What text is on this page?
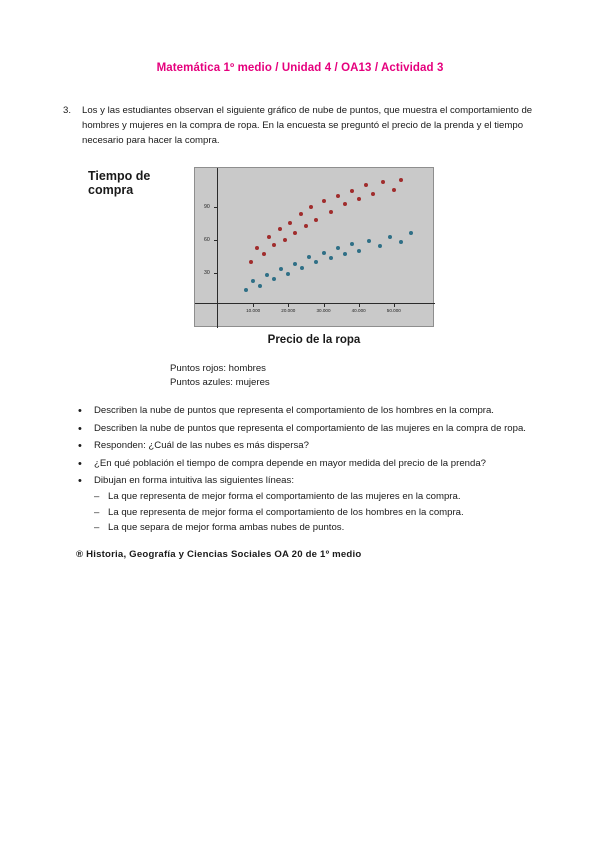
Matemática 1º medio / Unidad 4 / OA13 / Actividad 3
3.	Los y las estudiantes observan el siguiente gráfico de nube de puntos, que muestra el comportamiento de hombres y mujeres en la compra de ropa. En la encuesta se preguntó el precio de la prenda y el tiempo necesario para hacer la compra.
Tiempo de compra
30
60
90
10.000	20.000	30.000	40.000	50.000
Precio de la ropa
Puntos rojos: hombres
Puntos azules: mujeres
• Describen la nube de puntos que representa el comportamiento de los hombres en la compra.
• Describen la nube de puntos que representa el comportamiento de las mujeres en la compra de ropa.
• Responden: ¿Cuál de las nubes es más dispersa?
• ¿En qué población el tiempo de compra depende en mayor medida del precio de la prenda?
• Dibujan en forma intuitiva las siguientes líneas:
– La que representa de mejor forma el comportamiento de las mujeres en la compra.
– La que representa de mejor forma el comportamiento de los hombres en la compra.
– La que separa de mejor forma ambas nubes de puntos.
® Historia, Geografía y Ciencias Sociales OA 20 de 1º medio
